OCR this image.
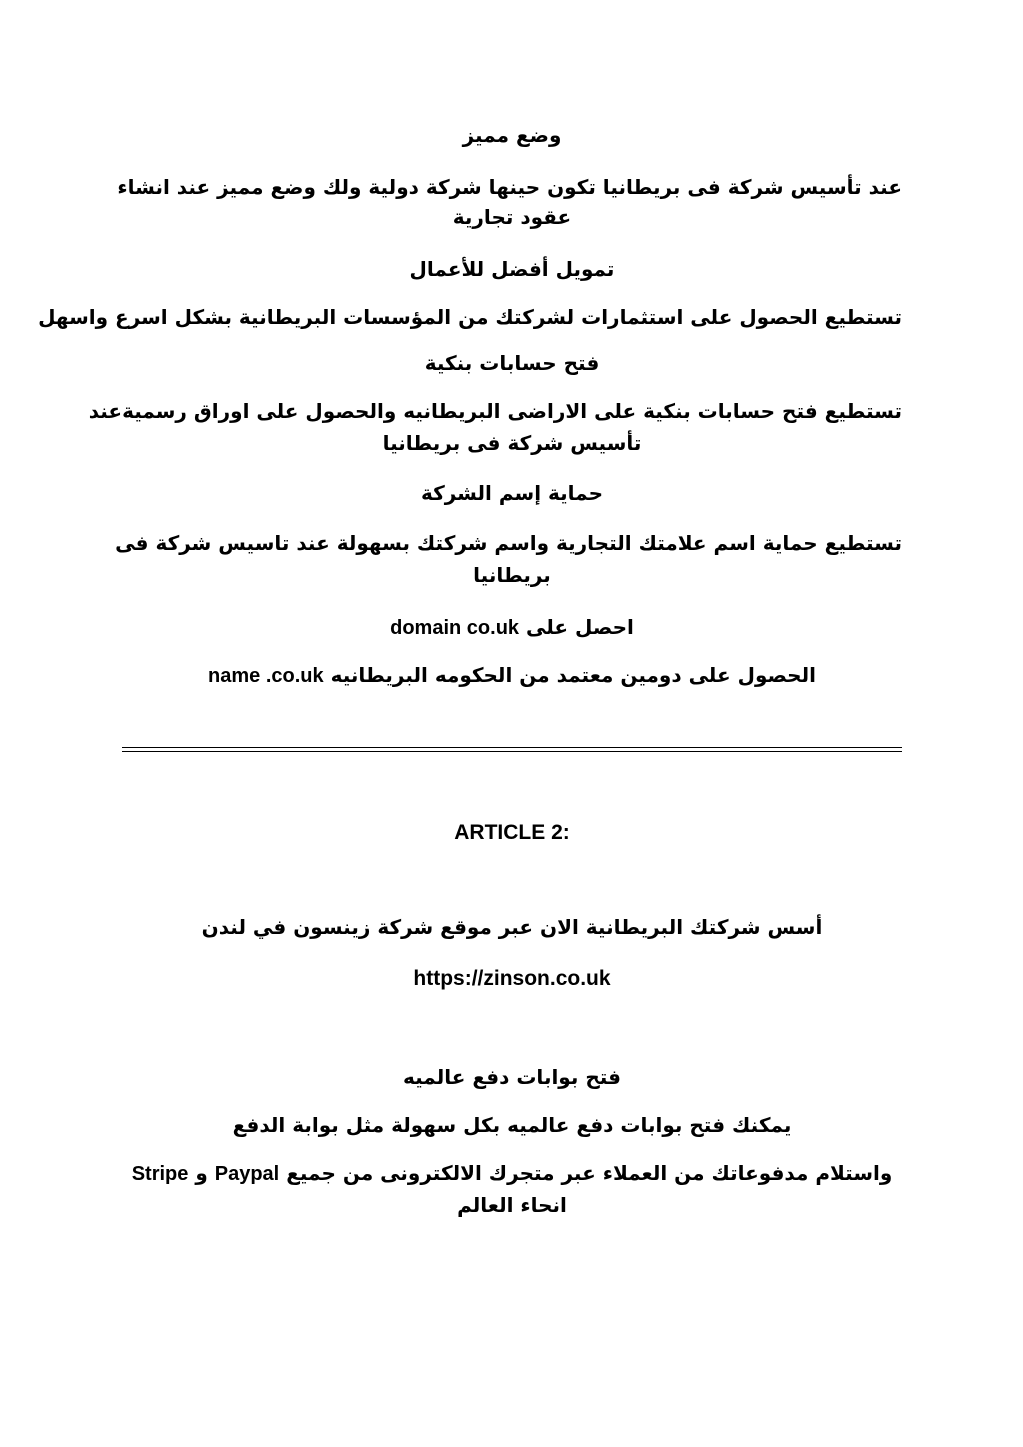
وضع مميز
عند تأسيس شركة فى بريطانيا تكون حينها شركة دولية ولك وضع مميز عند انشاء
عقود تجارية
تمويل أفضل للأعمال
تستطيع الحصول على استثمارات لشركتك من المؤسسات البريطانية بشكل اسرع واسهل
فتح حسابات بنكية
تستطيع فتح حسابات بنكية على الاراضى البريطانيه والحصول على اوراق رسميةعند
تأسيس شركة فى بريطانيا
حماية إسم الشركة
تستطيع حماية اسم علامتك التجارية واسم شركتك بسهولة عند تاسيس شركة فى
بريطانيا
احصل على domain co.uk
الحصول على دومين معتمد من الحكومه البريطانيه name .co.uk
ARTICLE 2:
أسس شركتك البريطانية الان عبر موقع شركة زينسون في لندن
https://zinson.co.uk
فتح بوابات دفع عالميه
يمكنك فتح بوابات دفع عالميه بكل سهولة مثل بوابة الدفع
واستلام مدفوعاتك من العملاء عبر متجرك الالكترونى من جميع Paypal و Stripe
انحاء العالم
